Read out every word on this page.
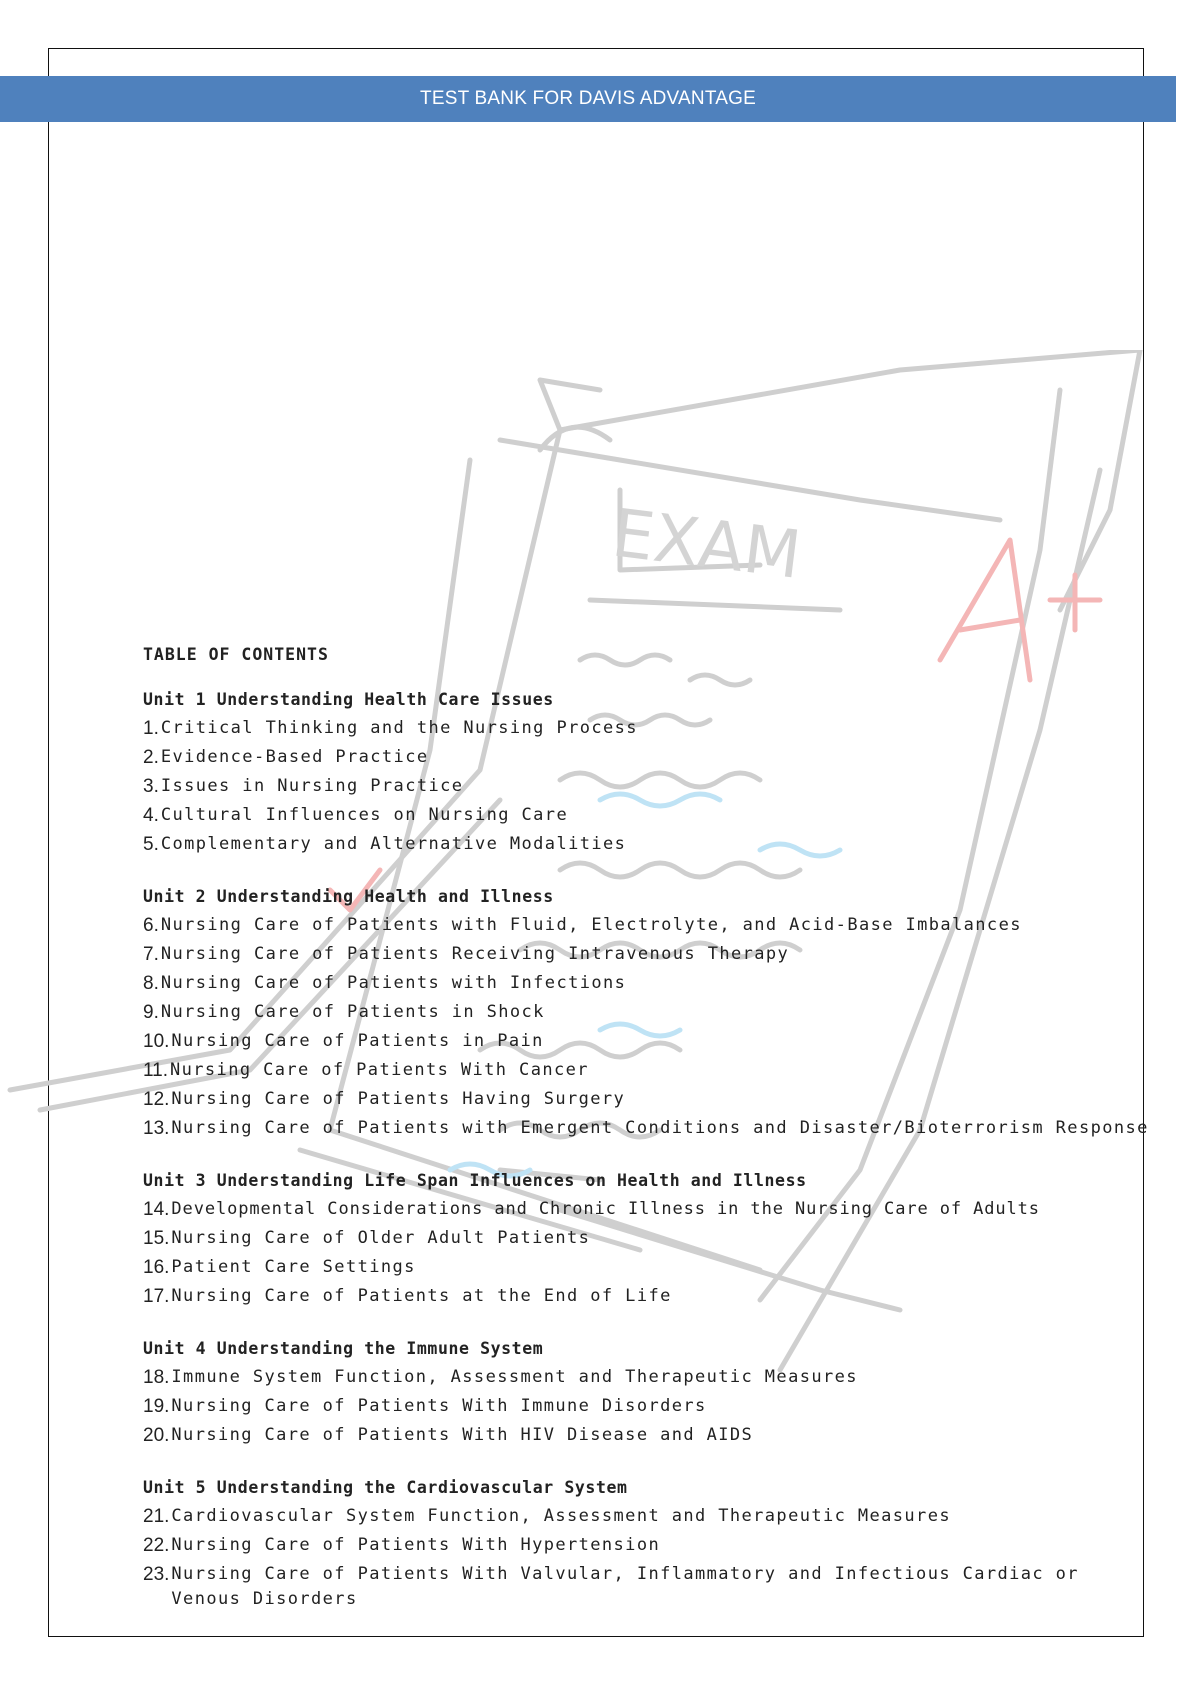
TEST BANK FOR DAVIS ADVANTAGE
EXAM
A+
TABLE OF CONTENTS
Unit 1 Understanding Health Care Issues
1. Critical Thinking and the Nursing Process
2. Evidence-Based Practice
3. Issues in Nursing Practice
4. Cultural Influences on Nursing Care
5. Complementary and Alternative Modalities
Unit 2 Understanding Health and Illness
6. Nursing Care of Patients with Fluid, Electrolyte, and Acid-Base Imbalances
7. Nursing Care of Patients Receiving Intravenous Therapy
8. Nursing Care of Patients with Infections
9. Nursing Care of Patients in Shock
10. Nursing Care of Patients in Pain
11. Nursing Care of Patients With Cancer
12. Nursing Care of Patients Having Surgery
13. Nursing Care of Patients with Emergent Conditions and Disaster/Bioterrorism Response
Unit 3 Understanding Life Span Influences on Health and Illness
14. Developmental Considerations and Chronic Illness in the Nursing Care of Adults
15. Nursing Care of Older Adult Patients
16. Patient Care Settings
17. Nursing Care of Patients at the End of Life
Unit 4 Understanding the Immune System
18. Immune System Function, Assessment and Therapeutic Measures
19. Nursing Care of Patients With Immune Disorders
20. Nursing Care of Patients With HIV Disease and AIDS
Unit 5 Understanding the Cardiovascular System
21. Cardiovascular System Function, Assessment and Therapeutic Measures
22. Nursing Care of Patients With Hypertension
23. Nursing Care of Patients With Valvular, Inflammatory and Infectious Cardiac or Venous Disorders
